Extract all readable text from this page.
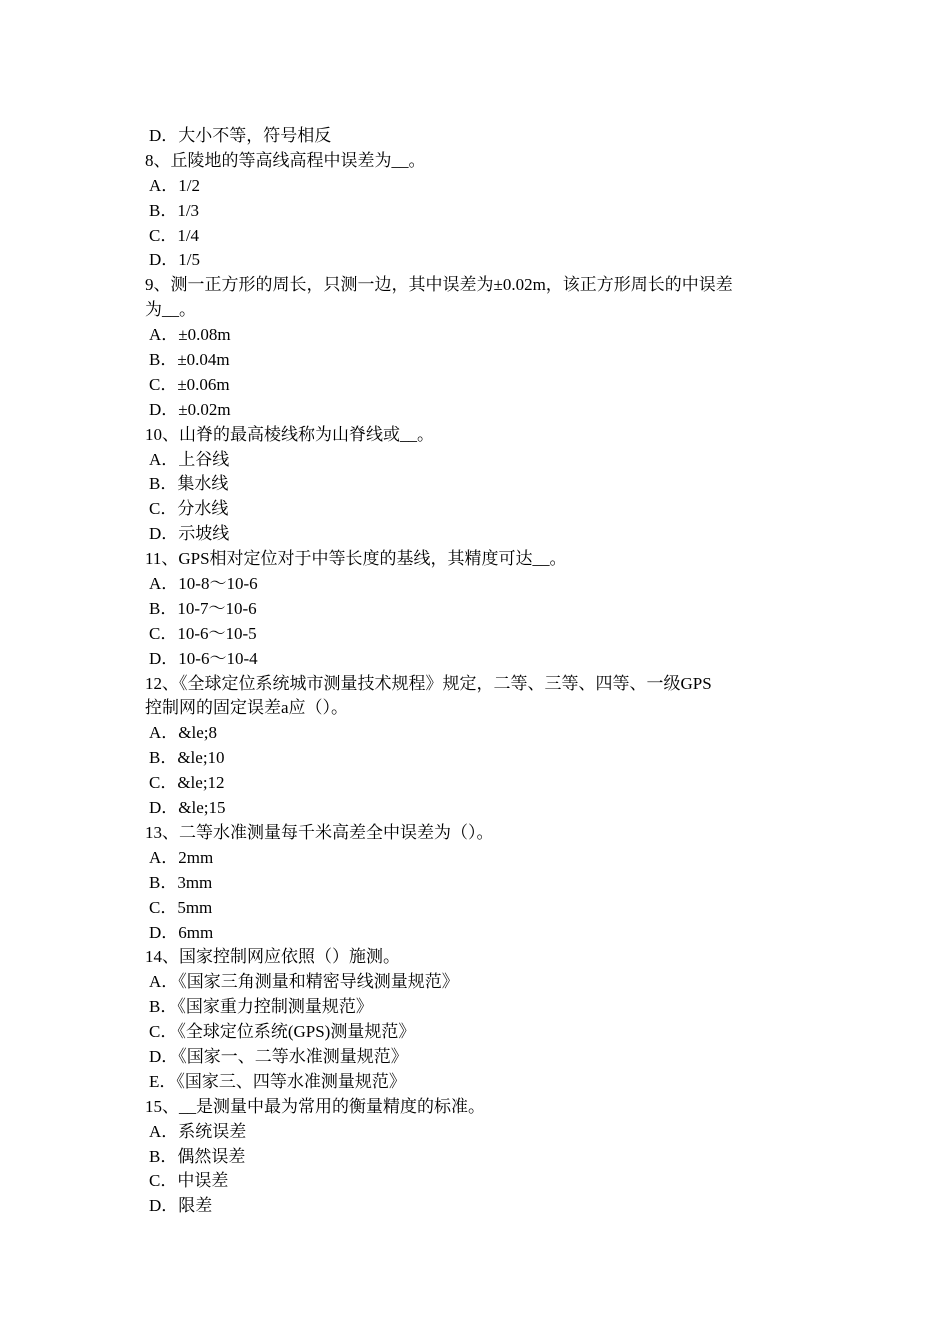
D．大小不等，符号相反
8、丘陵地的等高线高程中误差为__。
A．1/2
B．1/3
C．1/4
D．1/5
9、测一正方形的周长，只测一边，其中误差为±0.02m，该正方形周长的中误差
为__。
A．±0.08m
B．±0.04m
C．±0.06m
D．±0.02m
10、山脊的最高棱线称为山脊线或__。
A．上谷线
B．集水线
C．分水线
D．示坡线
11、GPS相对定位对于中等长度的基线，其精度可达__。
A．10-8～10-6
B．10-7～10-6
C．10-6～10-5
D．10-6～10-4
12、《全球定位系统城市测量技术规程》规定，二等、三等、四等、一级GPS
控制网的固定误差a应（）。
A．&le;8
B．&le;10
C．&le;12
D．&le;15
13、二等水准测量每千米高差全中误差为（）。
A．2mm
B．3mm
C．5mm
D．6mm
14、国家控制网应依照（）施测。
A．《国家三角测量和精密导线测量规范》
B．《国家重力控制测量规范》
C．《全球定位系统(GPS)测量规范》
D．《国家一、二等水准测量规范》
E．《国家三、四等水准测量规范》
15、__是测量中最为常用的衡量精度的标准。
A．系统误差
B．偶然误差
C．中误差
D．限差
